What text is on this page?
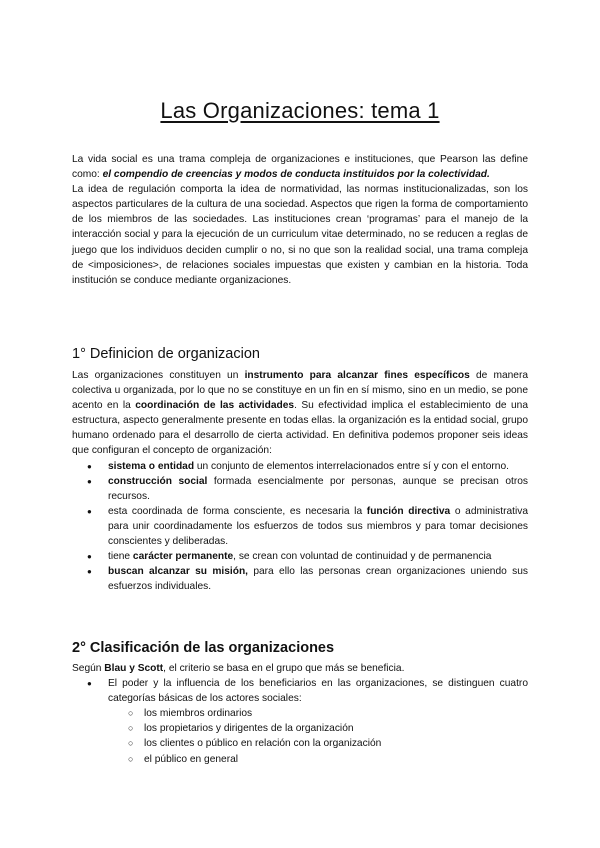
Las Organizaciones: tema 1

La vida social es una trama compleja de organizaciones e instituciones, que Pearson las define como: el compendio de creencias y modos de conducta instituidos por la colectividad.

La idea de regulación comporta la idea de normatividad, las normas institucionalizadas, son los aspectos particulares de la cultura de una sociedad. Aspectos que rigen la forma de comportamiento de los miembros de las sociedades. Las instituciones crean ‘programas’ para el manejo de la interacción social y para la ejecución de un curriculum vitae determinado, no se reducen a reglas de juego que los individuos deciden cumplir o no, si no que son la realidad social, una trama compleja de <imposiciones>, de relaciones sociales impuestas que existen y cambian en la historia. Toda institución se conduce mediante organizaciones.

1° Definicion de organizacion

Las organizaciones constituyen un instrumento para alcanzar fines específicos de manera colectiva u organizada, por lo que no se constituye en un fin en sí mismo, sino en un medio, se pone acento en la coordinación de las actividades. Su efectividad implica el establecimiento de una estructura, aspecto generalmente presente en todas ellas. la organización es la entidad social, grupo humano ordenado para el desarrollo de cierta actividad. En definitiva podemos proponer seis ideas que configuran el concepto de organización:

● sistema o entidad un conjunto de elementos interrelacionados entre sí y con el entorno.
● construcción social formada esencialmente por personas, aunque se precisan otros recursos.
● esta coordinada de forma consciente, es necesaria la función directiva o administrativa para unir coordinadamente los esfuerzos de todos sus miembros y para tomar decisiones conscientes y deliberadas.
● tiene carácter permanente, se crean con voluntad de continuidad y de permanencia
● buscan alcanzar su misión, para ello las personas crean organizaciones uniendo sus esfuerzos individuales.
2° Clasificación de las organizaciones

Según Blau y Scott, el criterio se basa en el grupo que más se beneficia.

● El poder y la influencia de los beneficiarios en las organizaciones, se distinguen cuatro categorías básicas de los actores sociales:
○ los miembros ordinarios
○ los propietarios y dirigentes de la organización
○ los clientes o público en relación con la organización
○ el público en general
